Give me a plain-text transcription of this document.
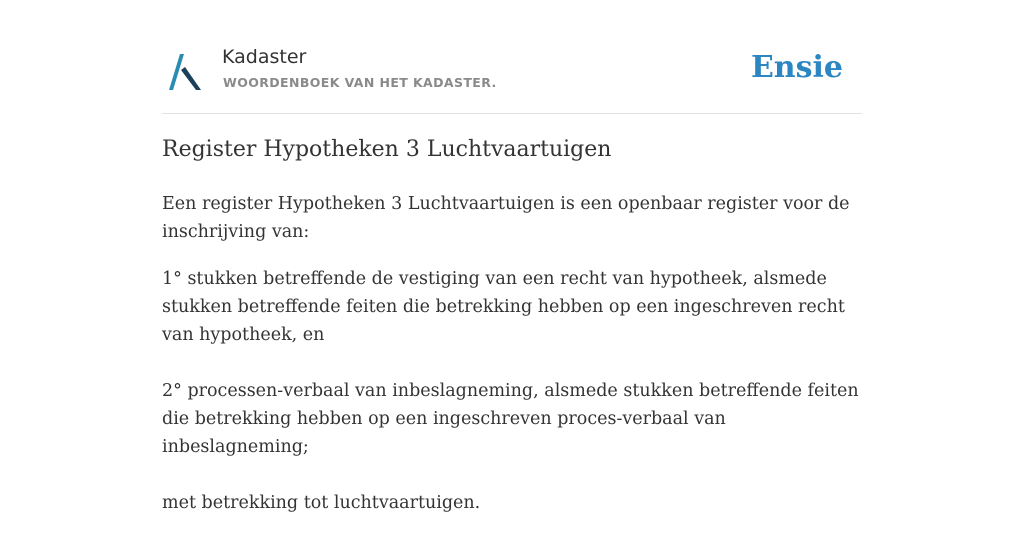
Kadaster
WOORDENBOEK VAN HET KADASTER.	Ensie
Register Hypotheken 3 Luchtvaartuigen

Een register Hypotheken 3 Luchtvaartuigen is een openbaar register voor de inschrijving van:

1° stukken betreffende de vestiging van een recht van hypotheek, alsmede stukken betreffende feiten die betrekking hebben op een ingeschreven recht van hypotheek, en

2° processen-verbaal van inbeslagneming, alsmede stukken betreffende feiten die betrekking hebben op een ingeschreven proces-verbaal van inbeslagneming;

met betrekking tot luchtvaartuigen.
